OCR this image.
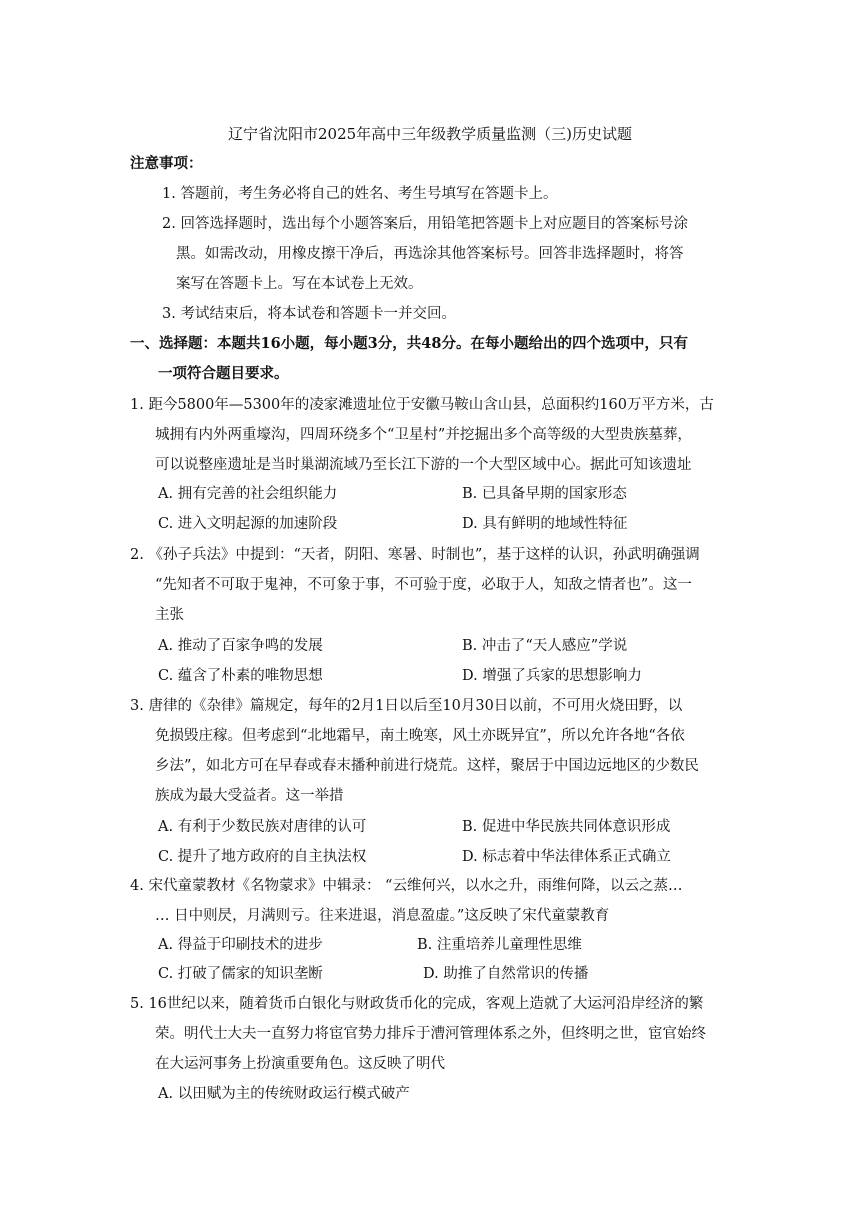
辽宁省沈阳市2025年高中三年级教学质量监测（三)历史试题
注意事项：
1. 答题前，考生务必将自己的姓名、考生号填写在答题卡上。
2. 回答选择题时，选出每个小题答案后，用铅笔把答题卡上对应题目的答案标号涂
黑。如需改动，用橡皮擦干净后，再选涂其他答案标号。回答非选择题时，将答
案写在答题卡上。写在本试卷上无效。
3. 考试结束后，将本试卷和答题卡一并交回。
一、选择题：本题共16小题，每小题3分，共48分。在每小题给出的四个选项中，只有
一项符合题目要求。
1. 距今5800年—5300年的凌家滩遗址位于安徽马鞍山含山县，总面积约160万平方米，古
城拥有内外两重壕沟，四周环绕多个“卫星村”并挖掘出多个高等级的大型贵族墓葬，
可以说整座遗址是当时巢湖流域乃至长江下游的一个大型区域中心。据此可知该遗址
A. 拥有完善的社会组织能力	B. 已具备早期的国家形态
C. 进入文明起源的加速阶段	D. 具有鲜明的地域性特征
2. 《孙子兵法》中提到：“天者，阴阳、寒暑、时制也”，基于这样的认识，孙武明确强调
“先知者不可取于鬼神，不可象于事，不可验于度，必取于人，知敌之情者也”。这一
主张
A. 推动了百家争鸣的发展	B. 冲击了“天人感应”学说
C. 蕴含了朴素的唯物思想	D. 增强了兵家的思想影响力
3. 唐律的《杂律》篇规定，每年的2月1日以后至10月30日以前，不可用火烧田野，以
免损毁庄稼。但考虑到“北地霜早，南土晚寒，风土亦既异宜”，所以允许各地“各依
乡法”，如北方可在早春或春末播种前进行烧荒。这样，聚居于中国边远地区的少数民
族成为最大受益者。这一举措
A. 有利于少数民族对唐律的认可	B. 促进中华民族共同体意识形成
C. 提升了地方政府的自主执法权	D. 标志着中华法律体系正式确立
4. 宋代童蒙教材《名物蒙求》中辑录： “云维何兴，以水之升，雨维何降，以云之蒸…
… 日中则昃，月满则亏。往来进退，消息盈虚。”这反映了宋代童蒙教育
A. 得益于印刷技术的进步	B. 注重培养儿童理性思维
C. 打破了儒家的知识垄断	D. 助推了自然常识的传播
5. 16世纪以来，随着货币白银化与财政货币化的完成，客观上造就了大运河沿岸经济的繁
荣。明代士大夫一直努力将宦官势力排斥于漕河管理体系之外，但终明之世，宦官始终
在大运河事务上扮演重要角色。这反映了明代
A. 以田赋为主的传统财政运行模式破产
